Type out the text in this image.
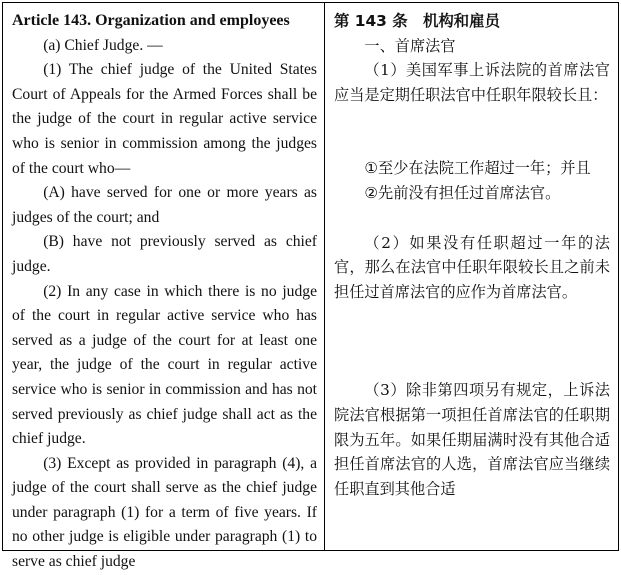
Article 143. Organization and employees

(a) Chief Judge. —

(1) The chief judge of the United States Court of Appeals for the Armed Forces shall be the judge of the court in regular active service who is senior in commission among the judges of the court who—

(A) have served for one or more years as judges of the court; and

(B) have not previously served as chief judge.

(2) In any case in which there is no judge of the court in regular active service who has served as a judge of the court for at least one year, the judge of the court in regular active service who is senior in commission and has not served previously as chief judge shall act as the chief judge.

(3) Except as provided in paragraph (4), a judge of the court shall serve as the chief judge under paragraph (1) for a term of five years. If no other judge is eligible under paragraph (1) to serve as chief judge

第 143 条　机构和雇员

一、首席法官

（1）美国军事上诉法院的首席法官应当是定期任职法官中任职年限较长且：

①至少在法院工作超过一年；并且

②先前没有担任过首席法官。

（2）如果没有任职超过一年的法官，那么在法官中任职年限较长且之前未担任过首席法官的应作为首席法官。

（3）除非第四项另有规定，上诉法院法官根据第一项担任首席法官的任职期限为五年。如果任期届满时没有其他合适担任首席法官的人选，首席法官应当继续任职直到其他合适
